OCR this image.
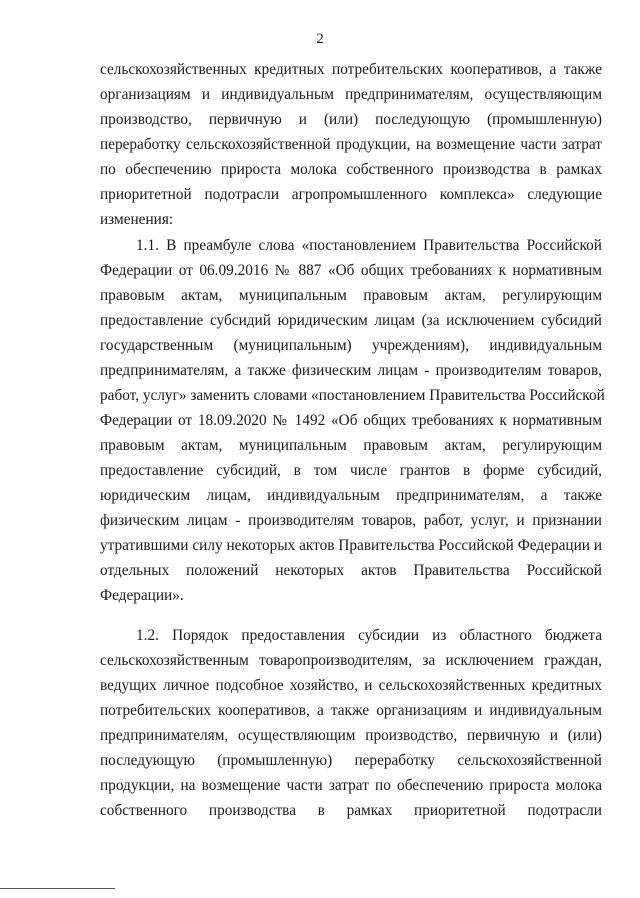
2
сельскохозяйственных кредитных потребительских кооперативов, а также
организациям и индивидуальным предпринимателям, осуществляющим
производство, первичную и (или) последующую (промышленную)
переработку сельскохозяйственной продукции, на возмещение части затрат
по обеспечению прироста молока собственного производства в рамках
приоритетной подотрасли агропромышленного комплекса» следующие
изменения:
1.1. В преамбуле слова «постановлением Правительства Российской
Федерации от 06.09.2016 № 887 «Об общих требованиях к нормативным
правовым актам, муниципальным правовым актам, регулирующим
предоставление субсидий юридическим лицам (за исключением субсидий
государственным (муниципальным) учреждениям), индивидуальным
предпринимателям, а также физическим лицам - производителям товаров,
работ, услуг» заменить словами «постановлением Правительства Российской
Федерации от 18.09.2020 № 1492 «Об общих требованиях к нормативным
правовым актам, муниципальным правовым актам, регулирующим
предоставление субсидий, в том числе грантов в форме субсидий,
юридическим лицам, индивидуальным предпринимателям, а также
физическим лицам - производителям товаров, работ, услуг, и признании
утратившими силу некоторых актов Правительства Российской Федерации и
отдельных положений некоторых актов Правительства Российской
Федерации».
1.2. Порядок предоставления субсидии из областного бюджета
сельскохозяйственным товаропроизводителям, за исключением граждан,
ведущих личное подсобное хозяйство, и сельскохозяйственных кредитных
потребительских кооперативов, а также организациям и индивидуальным
предпринимателям, осуществляющим производство, первичную и (или)
последующую (промышленную) переработку сельскохозяйственной
продукции, на возмещение части затрат по обеспечению прироста молока
собственного производства в рамках приоритетной подотрасли
